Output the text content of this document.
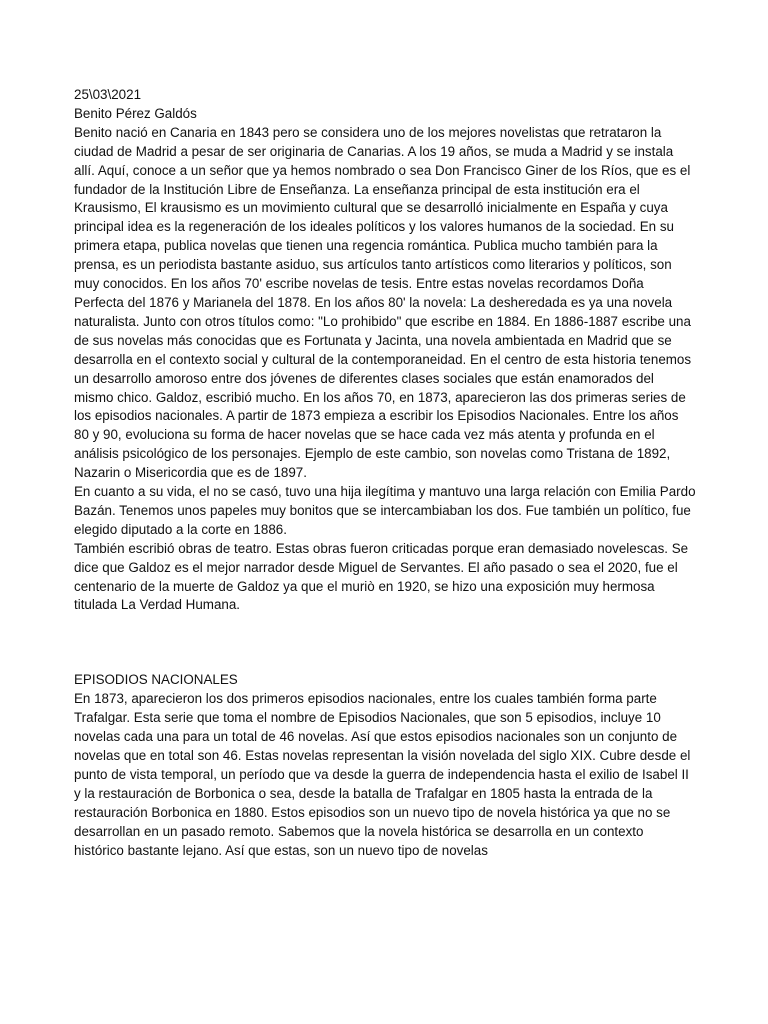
25\03\2021

Benito Pérez Galdós

Benito nació en Canaria en 1843 pero se considera uno de los mejores novelistas que retrataron la ciudad de Madrid a pesar de ser originaria de Canarias. A los 19 años, se muda a Madrid y se instala allí. Aquí, conoce a un señor que ya hemos nombrado o sea Don Francisco Giner de los Ríos, que es el fundador de la Institución Libre de Enseñanza. La enseñanza principal de esta institución era el Krausismo, El krausismo es un movimiento cultural que se desarrolló inicialmente en España y cuya principal idea es la regeneración de los ideales políticos y los valores humanos de la sociedad. En su primera etapa, publica novelas que tienen una regencia romántica. Publica mucho también para la prensa, es un periodista bastante asiduo, sus artículos tanto artísticos como literarios y políticos, son muy conocidos. En los años 70' escribe novelas de tesis. Entre estas novelas recordamos Doña Perfecta del 1876 y Marianela del 1878. En los años 80' la novela: La desheredada es ya una novela naturalista. Junto con otros títulos como: "Lo prohibido" que escribe en 1884. En 1886-1887 escribe una de sus novelas más conocidas que es Fortunata y Jacinta, una novela ambientada en Madrid que se desarrolla en el contexto social y cultural de la contemporaneidad. En el centro de esta historia tenemos un desarrollo amoroso entre dos jóvenes de diferentes clases sociales que están enamorados del mismo chico. Galdoz, escribió mucho. En los años 70, en 1873, aparecieron las dos primeras series de los episodios nacionales. A partir de 1873 empieza a escribir los Episodios Nacionales. Entre los años 80 y 90, evoluciona su forma de hacer novelas que se hace cada vez más atenta y profunda en el análisis psicológico de los personajes. Ejemplo de este cambio, son novelas como Tristana de 1892, Nazarin o Misericordia que es de 1897.

En cuanto a su vida, el no se casó, tuvo una hija ilegítima y mantuvo una larga relación con Emilia Pardo Bazán. Tenemos unos papeles muy bonitos que se intercambiaban los dos. Fue también un político, fue elegido diputado a la corte en 1886.

También escribió obras de teatro. Estas obras fueron criticadas porque eran demasiado novelescas. Se dice que Galdoz es el mejor narrador desde Miguel de Servantes. El año pasado o sea el 2020, fue el centenario de la muerte de Galdoz ya que el muriò en 1920, se hizo una exposición muy hermosa titulada La Verdad Humana.

EPISODIOS NACIONALES

En 1873, aparecieron los dos primeros episodios nacionales, entre los cuales también forma parte Trafalgar. Esta serie que toma el nombre de Episodios Nacionales, que son 5 episodios, incluye 10 novelas cada una para un total de 46 novelas. Así que estos episodios nacionales son un conjunto de novelas que en total son 46. Estas novelas representan la visión novelada del siglo XIX. Cubre desde el punto de vista temporal, un período que va desde la guerra de independencia hasta el exilio de Isabel II y la restauración de Borbonica o sea, desde la batalla de Trafalgar en 1805 hasta la entrada de la restauración Borbonica en 1880. Estos episodios son un nuevo tipo de novela histórica ya que no se desarrollan en un pasado remoto. Sabemos que la novela histórica se desarrolla en un contexto histórico bastante lejano. Así que estas, son un nuevo tipo de novelas
